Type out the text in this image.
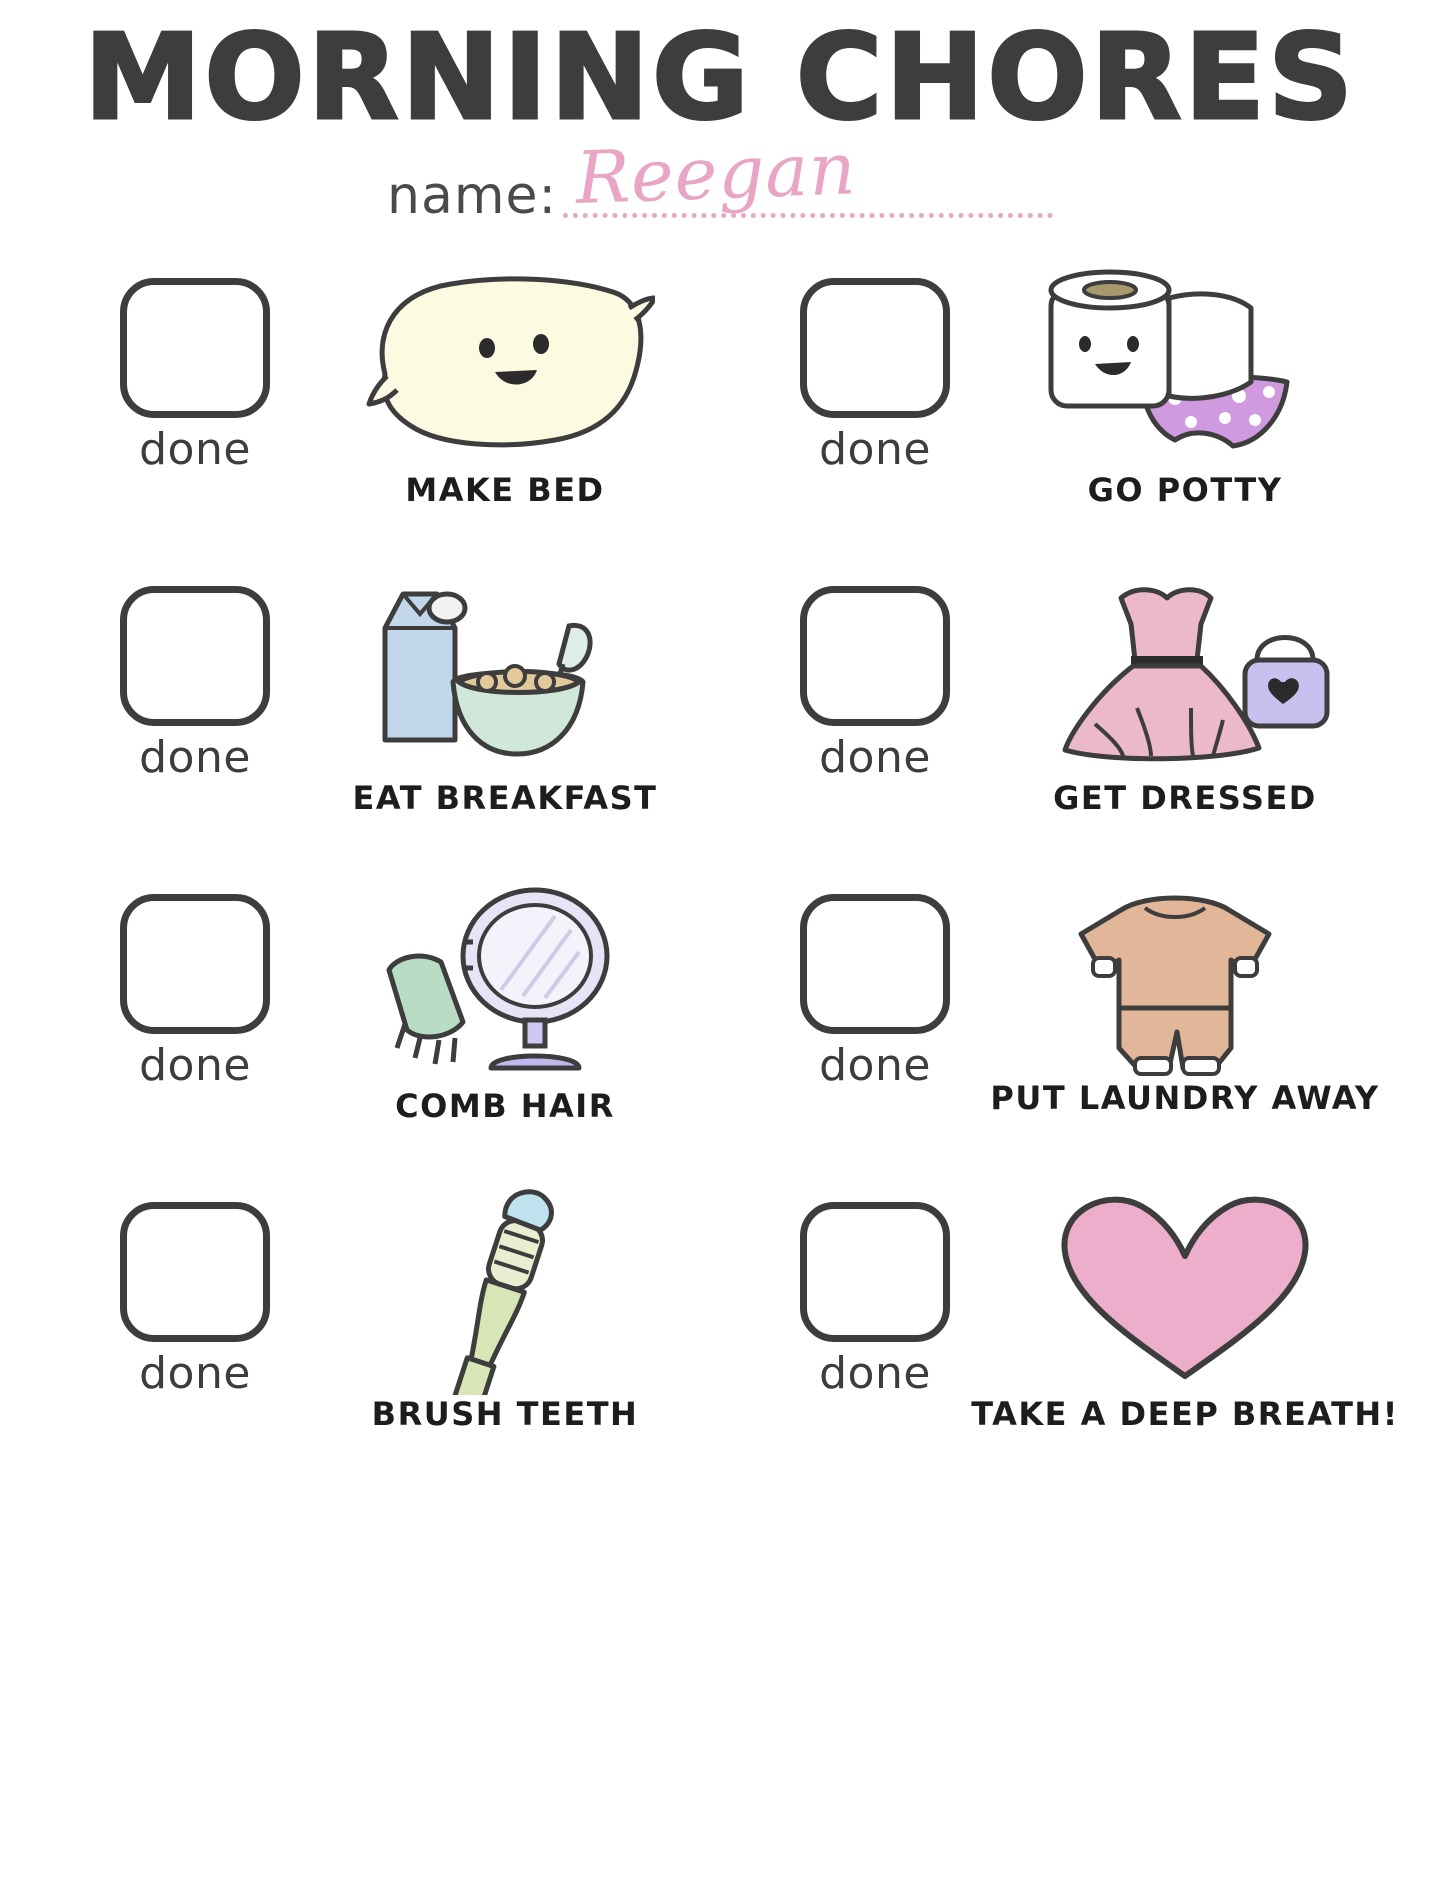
MORNING CHORES
name: Reegan
done
MAKE BED
done
GO POTTY
done
EAT BREAKFAST
done
GET DRESSED
done
COMB HAIR
done
PUT LAUNDRY AWAY
done
BRUSH TEETH
done
TAKE A DEEP BREATH!
